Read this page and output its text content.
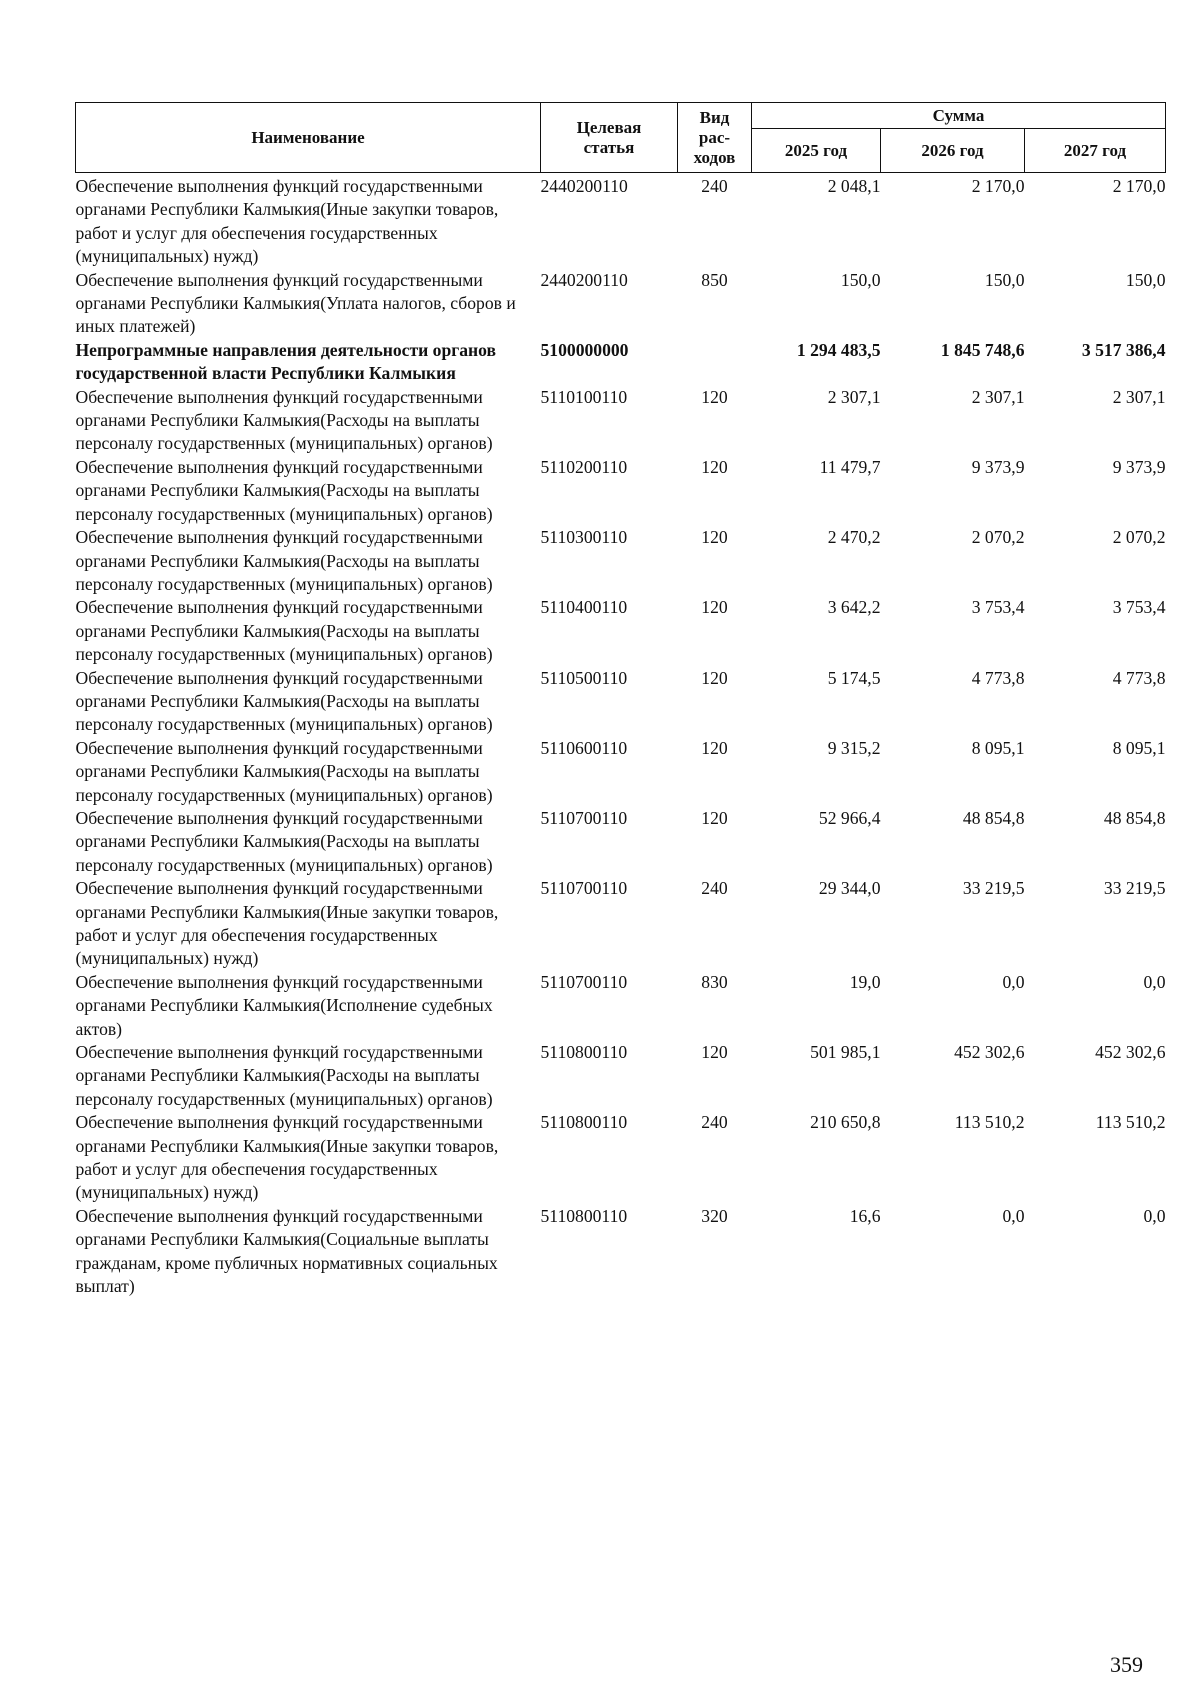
Наименование	Целевая статья	Вид рас-ходов	Сумма		
			2025 год	2026 год	2027 год
Обеспечение выполнения функций государственными органами Республики Калмыкия(Иные закупки товаров, работ и услуг для обеспечения государственных (муниципальных) нужд)	2440200110	240	2 048,1	2 170,0	2 170,0
Обеспечение выполнения функций государственными органами Республики Калмыкия(Уплата налогов, сборов и иных платежей)	2440200110	850	150,0	150,0	150,0
Непрограммные направления деятельности органов государственной власти Республики Калмыкия	5100000000		1 294 483,5	1 845 748,6	3 517 386,4
Обеспечение выполнения функций государственными органами Республики Калмыкия(Расходы на выплаты персоналу государственных (муниципальных) органов)	5110100110	120	2 307,1	2 307,1	2 307,1
Обеспечение выполнения функций государственными органами Республики Калмыкия(Расходы на выплаты персоналу государственных (муниципальных) органов)	5110200110	120	11 479,7	9 373,9	9 373,9
Обеспечение выполнения функций государственными органами Республики Калмыкия(Расходы на выплаты персоналу государственных (муниципальных) органов)	5110300110	120	2 470,2	2 070,2	2 070,2
Обеспечение выполнения функций государственными органами Республики Калмыкия(Расходы на выплаты персоналу государственных (муниципальных) органов)	5110400110	120	3 642,2	3 753,4	3 753,4
Обеспечение выполнения функций государственными органами Республики Калмыкия(Расходы на выплаты персоналу государственных (муниципальных) органов)	5110500110	120	5 174,5	4 773,8	4 773,8
Обеспечение выполнения функций государственными органами Республики Калмыкия(Расходы на выплаты персоналу государственных (муниципальных) органов)	5110600110	120	9 315,2	8 095,1	8 095,1
Обеспечение выполнения функций государственными органами Республики Калмыкия(Расходы на выплаты персоналу государственных (муниципальных) органов)	5110700110	120	52 966,4	48 854,8	48 854,8
Обеспечение выполнения функций государственными органами Республики Калмыкия(Иные закупки товаров, работ и услуг для обеспечения государственных (муниципальных) нужд)	5110700110	240	29 344,0	33 219,5	33 219,5
Обеспечение выполнения функций государственными органами Республики Калмыкия(Исполнение судебных актов)	5110700110	830	19,0	0,0	0,0
Обеспечение выполнения функций государственными органами Республики Калмыкия(Расходы на выплаты персоналу государственных (муниципальных) органов)	5110800110	120	501 985,1	452 302,6	452 302,6
Обеспечение выполнения функций государственными органами Республики Калмыкия(Иные закупки товаров, работ и услуг для обеспечения государственных (муниципальных) нужд)	5110800110	240	210 650,8	113 510,2	113 510,2
Обеспечение выполнения функций государственными органами Республики Калмыкия(Социальные выплаты гражданам, кроме публичных нормативных социальных выплат)	5110800110	320	16,6	0,0	0,0
359
